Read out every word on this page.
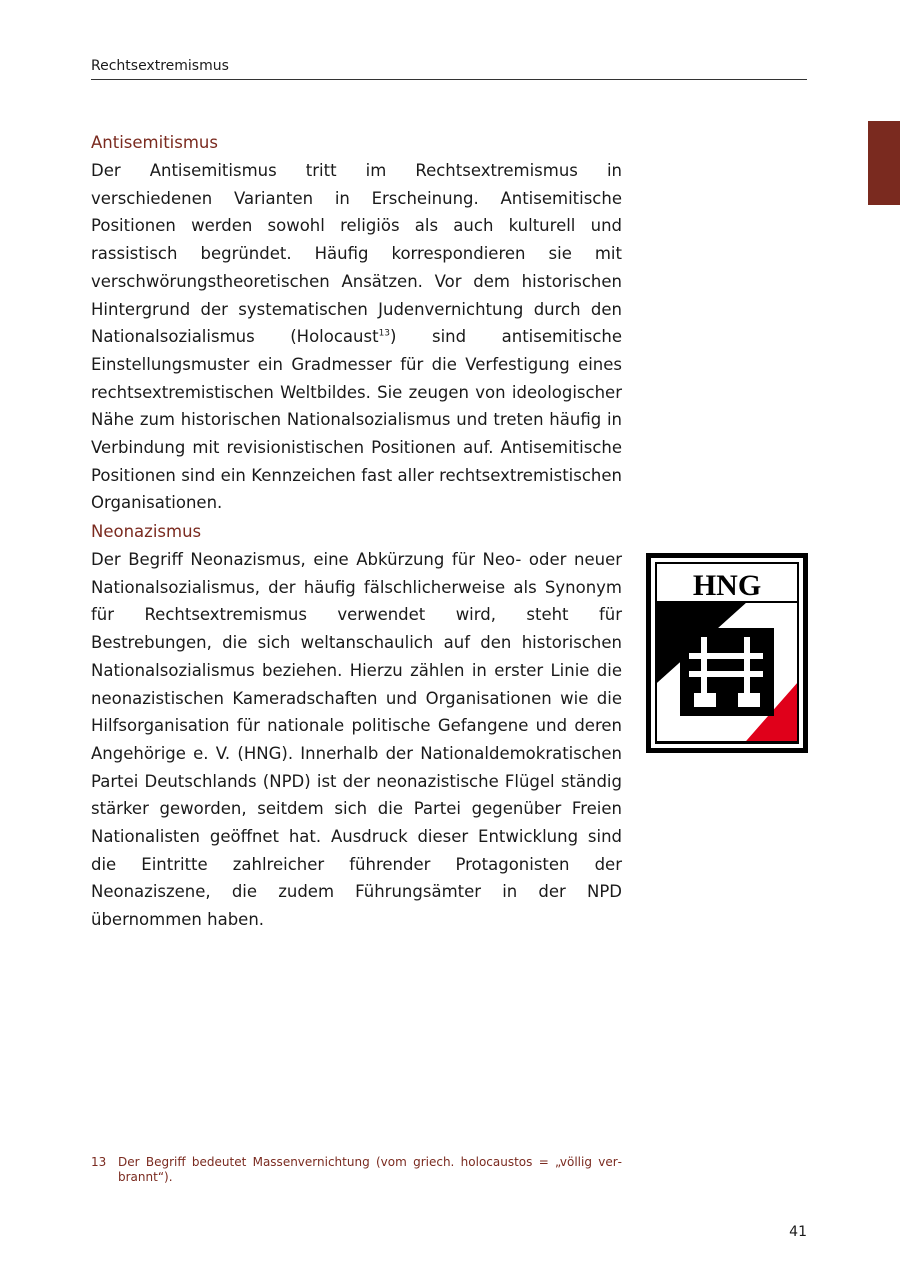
Rechtsextremismus
Antisemitismus
Der Antisemitismus tritt im Rechtsextremismus in verschiedenen Varianten in Erscheinung. Antisemitische Positionen werden sowohl religiös als auch kulturell und rassistisch begründet. Häufig korrespondieren sie mit verschwörungstheoretischen Ansätzen. Vor dem historischen Hintergrund der systematischen Judenvernichtung durch den Nationalsozialismus (Holocaust$^{13}$) sind antisemitische Einstellungsmuster ein Gradmesser für die Verfestigung eines rechtsextremistischen Weltbildes. Sie zeugen von ideologischer Nähe zum historischen Nationalsozialismus und treten häufig in Verbindung mit revisionistischen Positionen auf. Antisemitische Positionen sind ein Kennzeichen fast aller rechtsextremistischen Organisationen.
Neonazismus
Der Begriff Neonazismus, eine Abkürzung für Neo- oder neuer Nationalsozialismus, der häufig fälschlicherweise als Synonym für Rechtsextremismus verwendet wird, steht für Bestrebungen, die sich weltanschaulich auf den historischen Nationalsozialismus beziehen. Hierzu zählen in erster Linie die neonazistischen Kameradschaften und Organisationen wie die Hilfsorganisation für nationale politische Gefangene und deren Angehörige e. V. (HNG). Innerhalb der Nationaldemokratischen Partei Deutschlands (NPD) ist der neonazistische Flügel ständig stärker geworden, seitdem sich die Partei gegenüber Freien Nationalisten geöffnet hat. Ausdruck dieser Entwicklung sind die Eintritte zahlreicher führender Protagonisten der Neonaziszene, die zudem Führungsämter in der NPD übernommen haben.
HNG
13 Der Begriff bedeutet Massenvernichtung (vom griech. holocaustos = „völlig verbrannt“).
41
